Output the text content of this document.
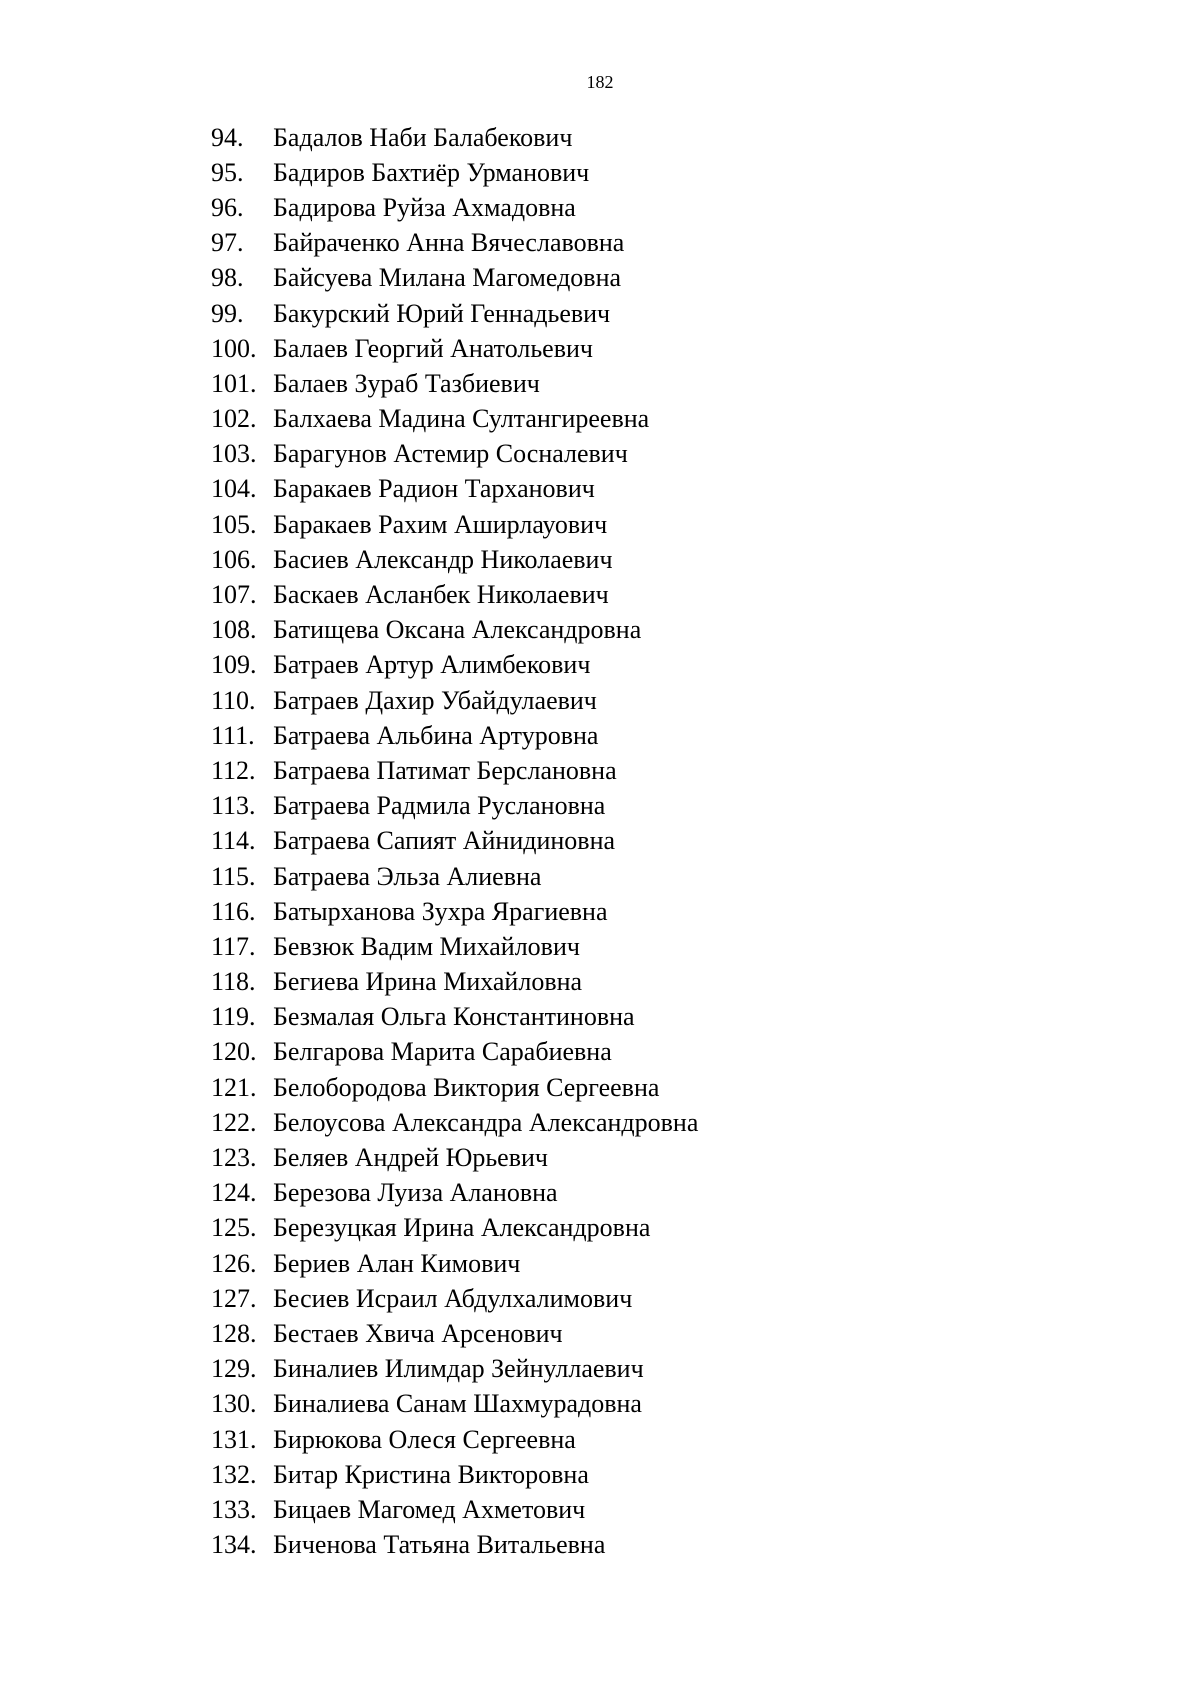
182
94.	Бадалов Наби Балабекович
95.	Бадиров Бахтиёр Урманович
96.	Бадирова Руйза Ахмадовна
97.	Байраченко Анна Вячеславовна
98.	Байсуева Милана Магомедовна
99.	Бакурский Юрий Геннадьевич
100. Балаев Георгий Анатольевич
101. Балаев Зураб Тазбиевич
102. Балхаева Мадина Султангиреевна
103. Барагунов Астемир Сосналевич
104. Баракаев Радион Тарханович
105. Баракаев Рахим Аширлауович
106. Басиев Александр Николаевич
107. Баскаев Асланбек Николаевич
108. Батищева Оксана Александровна
109. Батраев Артур Алимбекович
110. Батраев Дахир Убайдулаевич
111. Батраева Альбина Артуровна
112. Батраева Патимат Берслановна
113. Батраева Радмила Руслановна
114. Батраева Сапият Айнидиновна
115. Батраева Эльза Алиевна
116. Батырханова Зухра Ярагиевна
117. Бевзюк Вадим Михайлович
118. Бегиева Ирина Михайловна
119. Безмалая Ольга Константиновна
120. Белгарова Марита Сарабиевна
121. Белобородова Виктория Сергеевна
122. Белоусова Александра Александровна
123. Беляев Андрей Юрьевич
124. Березова Луиза Алановна
125. Березуцкая Ирина Александровна
126. Бериев Алан Кимович
127. Бесиев Исраил Абдулхалимович
128. Бестаев Хвича Арсенович
129. Биналиев Илимдар Зейнуллаевич
130. Биналиева Санам Шахмурадовна
131. Бирюкова Олеся Сергеевна
132. Битар Кристина Викторовна
133. Бицаев Магомед Ахметович
134. Биченова Татьяна Витальевна
